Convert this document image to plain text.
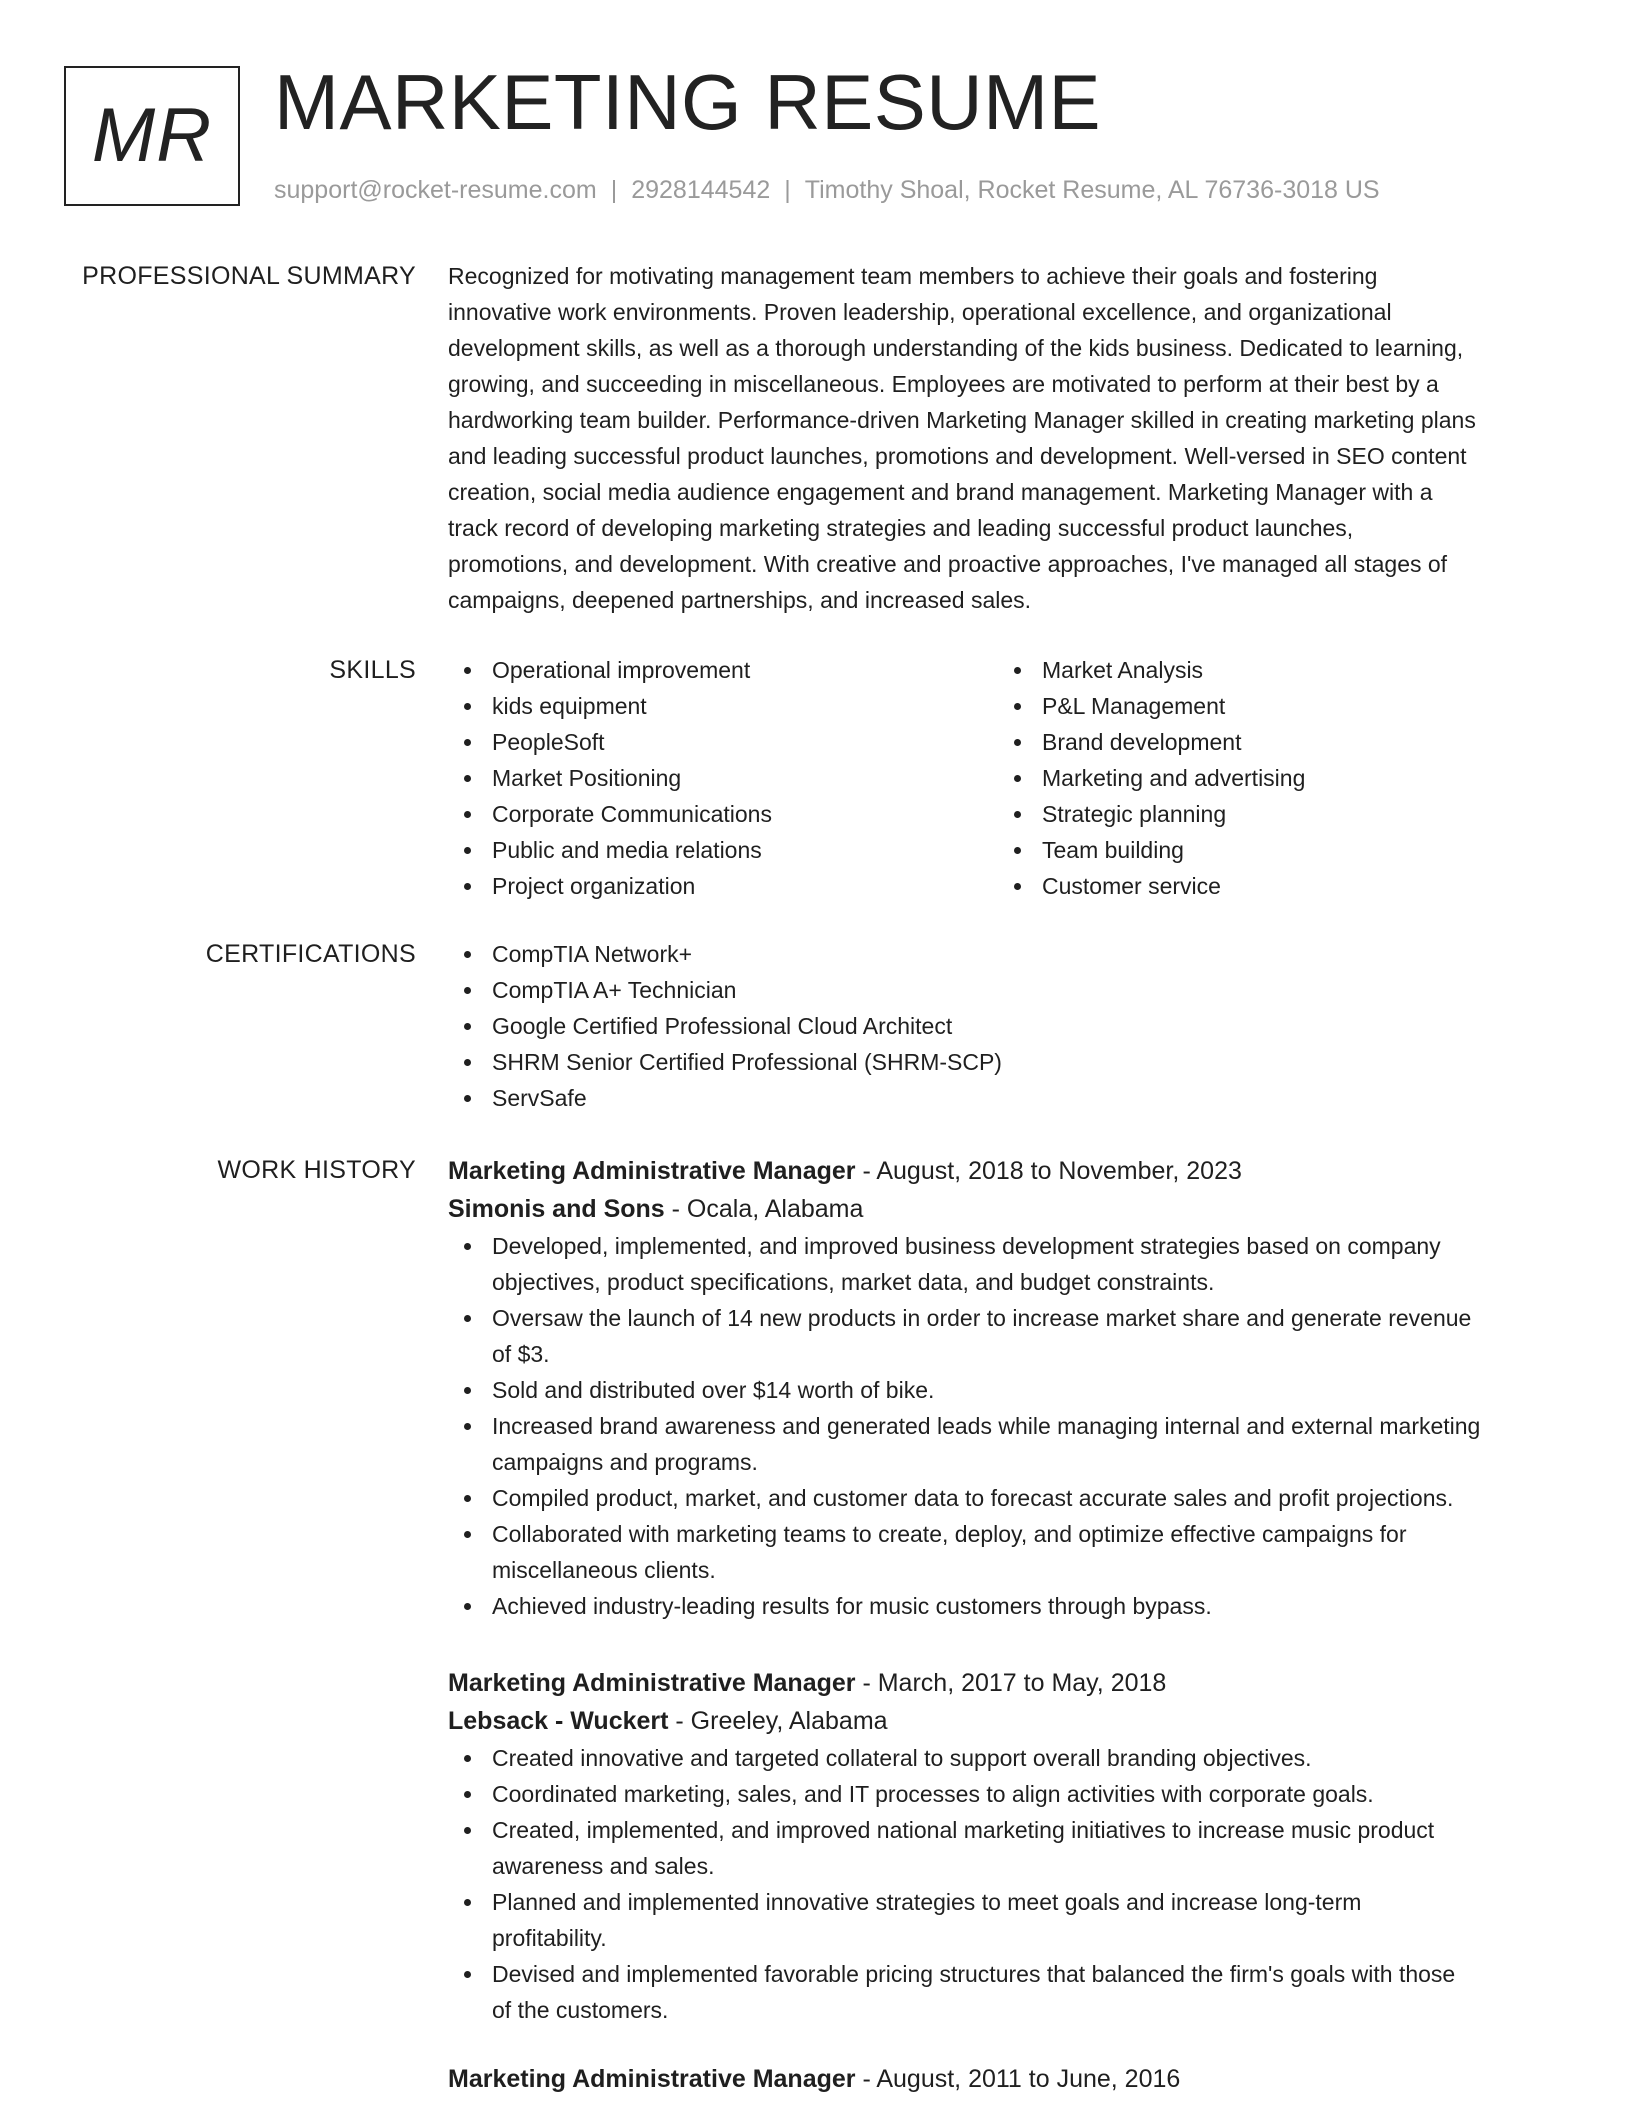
MR MARKETING RESUME
support@rocket-resume.com | 2928144542 | Timothy Shoal, Rocket Resume, AL 76736-3018 US
PROFESSIONAL SUMMARY Recognized for motivating management team members to achieve their goals and fostering
innovative work environments. Proven leadership, operational excellence, and organizational
development skills, as well as a thorough understanding of the kids business. Dedicated to learning,
growing, and succeeding in miscellaneous. Employees are motivated to perform at their best by a
hardworking team builder. Performance-driven Marketing Manager skilled in creating marketing plans
and leading successful product launches, promotions and development. Well-versed in SEO content
creation, social media audience engagement and brand management. Marketing Manager with a
track record of developing marketing strategies and leading successful product launches,
promotions, and development. With creative and proactive approaches, I've managed all stages of
campaigns, deepened partnerships, and increased sales.

SKILLS	Operational improvement
kids equipment
PeopleSoft
Market Positioning
Corporate Communications
Public and media relations
Project organization
Market Analysis
P&L Management
Brand development
Marketing and advertising
Strategic planning
Team building
Customer service
CERTIFICATIONS	CompTIA Network+
CompTIA A+ Technician
Google Certified Professional Cloud Architect
SHRM Senior Certified Professional (SHRM-SCP)
ServSafe
WORK HISTORY Marketing Administrative Manager - August, 2018 to November, 2023
Simonis and Sons - Ocala, Alabama
Developed, implemented, and improved business development strategies based on company
objectives, product specifications, market data, and budget constraints.
Oversaw the launch of 14 new products in order to increase market share and generate revenue
of $3.
Sold and distributed over $14 worth of bike.
Increased brand awareness and generated leads while managing internal and external marketing
campaigns and programs.
Compiled product, market, and customer data to forecast accurate sales and profit projections.
Collaborated with marketing teams to create, deploy, and optimize effective campaigns for
miscellaneous clients.
Achieved industry-leading results for music customers through bypass.
Marketing Administrative Manager - March, 2017 to May, 2018
Lebsack - Wuckert - Greeley, Alabama
Created innovative and targeted collateral to support overall branding objectives.
Coordinated marketing, sales, and IT processes to align activities with corporate goals.
Created, implemented, and improved national marketing initiatives to increase music product
awareness and sales.
Planned and implemented innovative strategies to meet goals and increase long-term
profitability.
Devised and implemented favorable pricing structures that balanced the firm's goals with those
of the customers.
Marketing Administrative Manager - August, 2011 to June, 2016
